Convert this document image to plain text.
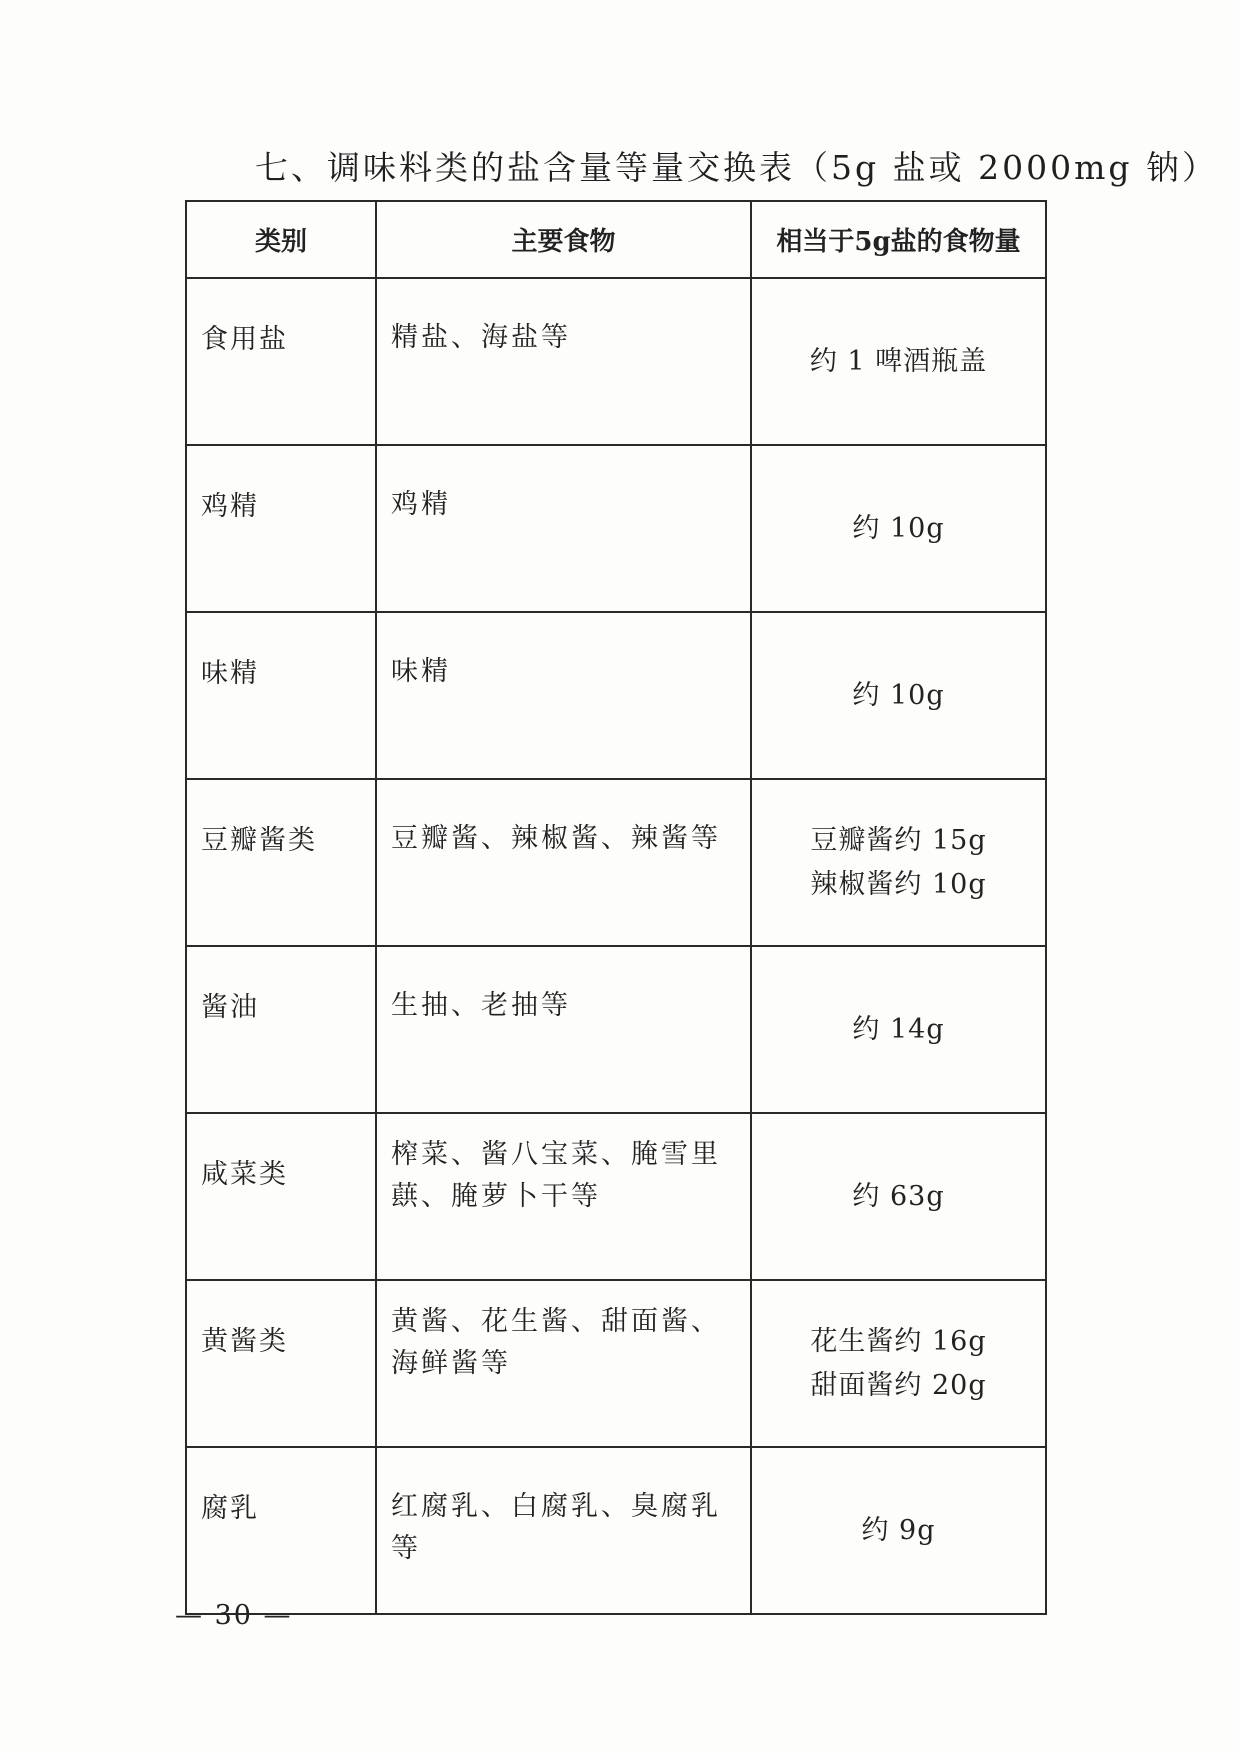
七、调味料类的盐含量等量交换表（5g 盐或 2000mg 钠）
类别	主要食物	相当于5g盐的食物量
食用盐	精盐、海盐等	约 1 啤酒瓶盖

鸡精	鸡精	约 10g

味精	味精	约 10g

豆瓣酱类	豆瓣酱、辣椒酱、辣酱等	豆瓣酱约 15g
辣椒酱约 10g

酱油	生抽、老抽等	约 14g

咸菜类	榨菜、酱八宝菜、腌雪里蕻、腌萝卜干等	约 63g

黄酱类	黄酱、花生酱、甜面酱、海鲜酱等	花生酱约 16g
甜面酱约 20g

腐乳	红腐乳、白腐乳、臭腐乳等	约 9g
— 30 —
